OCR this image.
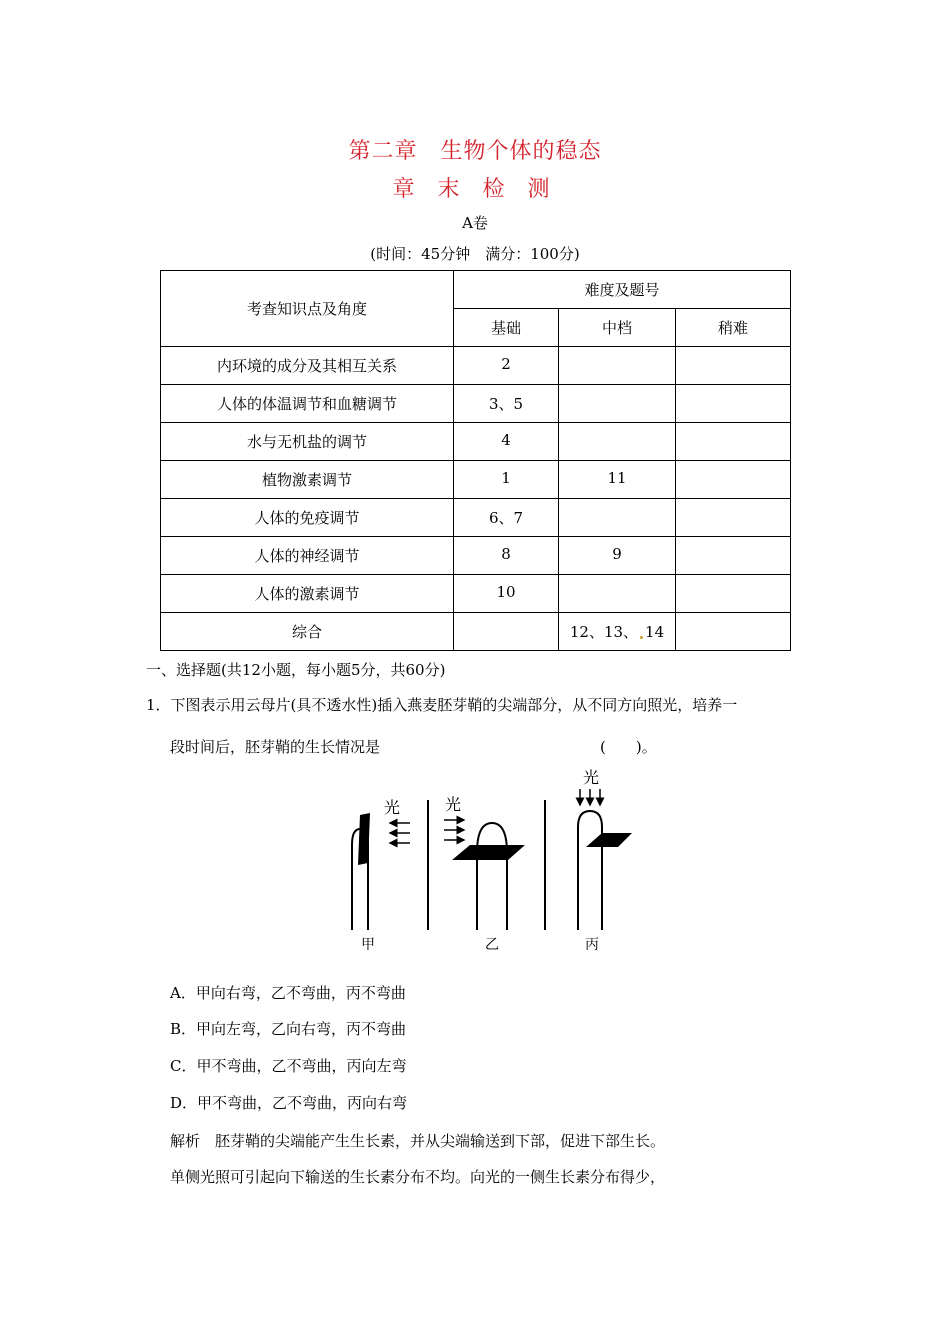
第二章　生物个体的稳态
章 末 检 测
A卷
(时间：45分钟　满分：100分)
考查知识点及角度	难度及题号		
	基础	中档	稍难
内环境的成分及其相互关系	2		
人体的体温调节和血糖调节	3、5		
水与无机盐的调节	4		
植物激素调节	1	11	
人体的免疫调节	6、7		
人体的神经调节	8	9	
人体的激素调节	10		
综合		12、13、 14	
一、选择题(共12小题，每小题5分，共60分)
1．下图表示用云母片(具不透水性)插入燕麦胚芽鞘的尖端部分，从不同方向照光，培养一
段时间后，胚芽鞘的生长情况是	(　　)。
光
甲
光
乙
光
丙
A．甲向右弯，乙不弯曲，丙不弯曲
B．甲向左弯，乙向右弯，丙不弯曲
C．甲不弯曲，乙不弯曲，丙向左弯
D．甲不弯曲，乙不弯曲，丙向右弯
解析　胚芽鞘的尖端能产生生长素，并从尖端输送到下部，促进下部生长。
单侧光照可引起向下输送的生长素分布不均。向光的一侧生长素分布得少，
